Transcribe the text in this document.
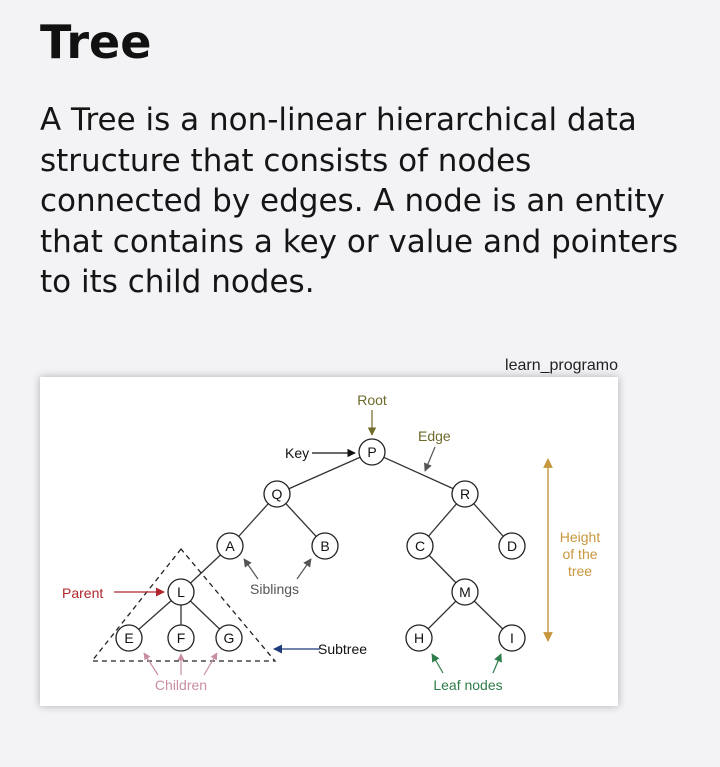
Tree

A Tree is a non-linear hierarchical data structure that consists of nodes connected by edges. A node is an entity that contains a key or value and pointers to its child nodes.

learn_programo
P
Q	R
A	B	C	D
L	M
E	F	G	H	I
Root
Edge
Key
Parent	Siblings
Subtree
Children	Leaf nodes
Height
of the
tree
